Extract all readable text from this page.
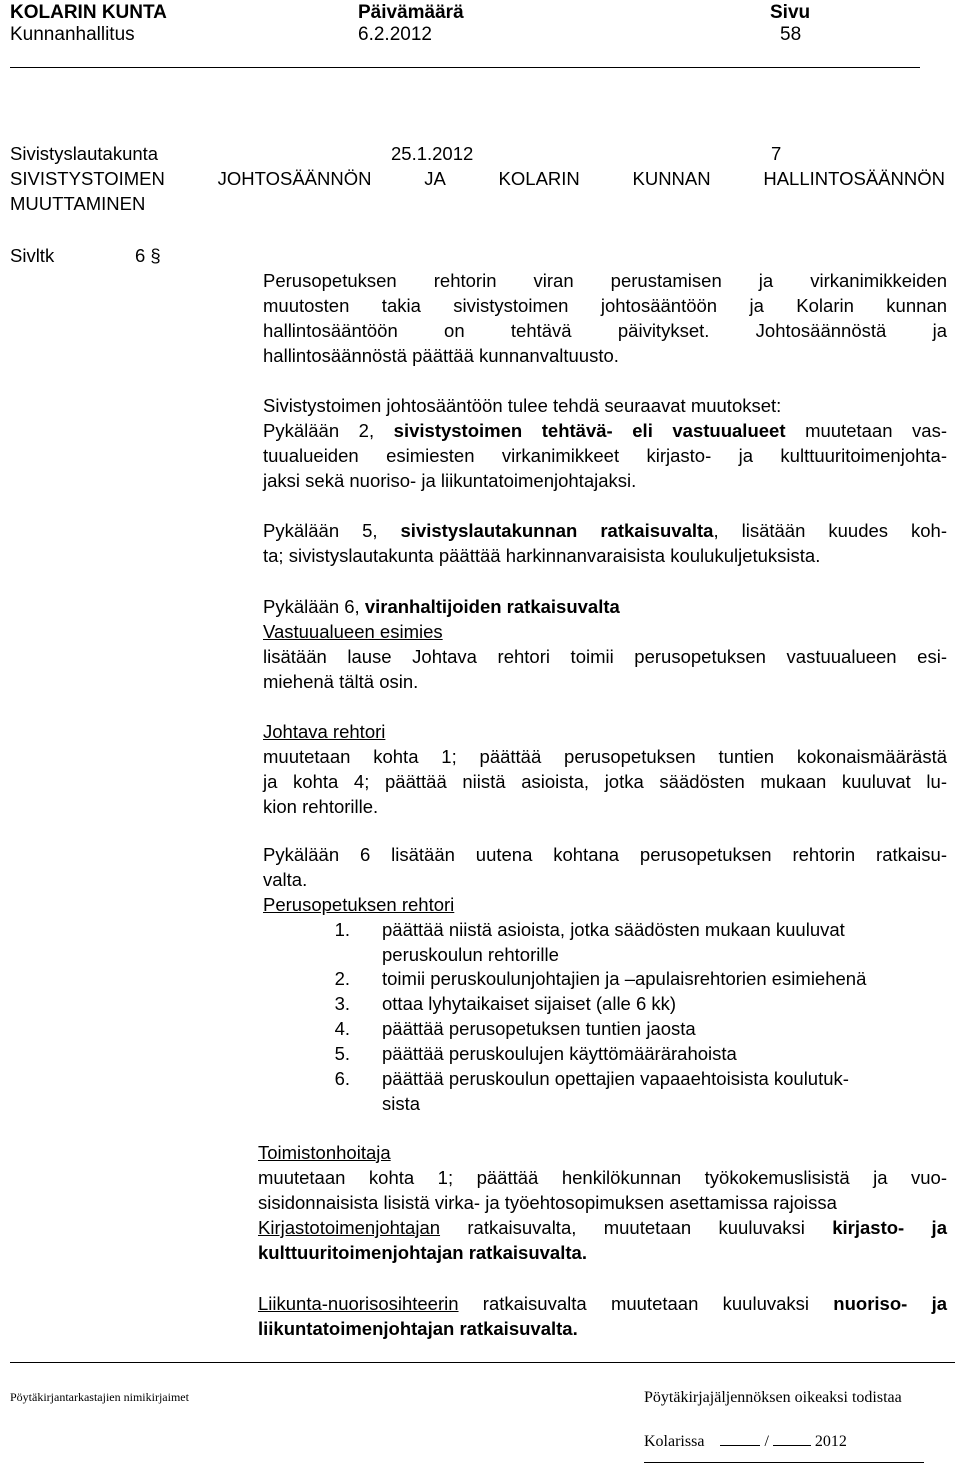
KOLARIN KUNTA	Päivämäärä	Sivu
Kunnanhallitus	6.2.2012	58
Sivistyslautakunta	25.1.2012	7
SIVISTYSTOIMEN	JOHTOSÄÄNNÖN	JA	KOLARIN	KUNNAN	HALLINTOSÄÄNNÖN
MUUTTAMINEN
Sivltk	6 §
Perusopetuksen rehtorin viran perustamisen ja virkanimikkeiden
muutosten takia sivistystoimen johtosääntöön ja Kolarin kunnan
hallintosääntöön on tehtävä päivitykset. Johtosäännöstä ja
hallintosäännöstä päättää kunnanvaltuusto.
Sivistystoimen johtosääntöön tulee tehdä seuraavat muutokset:
Pykälään 2, sivistystoimen tehtävä- eli vastuualueet muutetaan vas-
tuualueiden esimiesten virkanimikkeet kirjasto- ja kulttuuritoimenjohta-
jaksi sekä nuoriso- ja liikuntatoimenjohtajaksi.
Pykälään 5, sivistyslautakunnan ratkaisuvalta, lisätään kuudes koh-
ta; sivistyslautakunta päättää harkinnanvaraisista koulukuljetuksista.
Pykälään 6, viranhaltijoiden ratkaisuvalta
Vastuualueen esimies
lisätään lause Johtava rehtori toimii perusopetuksen vastuualueen esi-
miehenä tältä osin.
Johtava rehtori
muutetaan kohta 1; päättää perusopetuksen tuntien kokonaismäärästä
ja kohta 4; päättää niistä asioista, jotka säädösten mukaan kuuluvat lu-
kion rehtorille.
Pykälään 6 lisätään uutena kohtana perusopetuksen rehtorin ratkaisu-
valta.
Perusopetuksen rehtori
1. päättää niistä asioista, jotka säädösten mukaan kuuluvat
peruskoulun rehtorille
2. toimii peruskoulunjohtajien ja –apulaisrehtorien esimiehenä
3. ottaa lyhytaikaiset sijaiset (alle 6 kk)
4. päättää perusopetuksen tuntien jaosta
5. päättää peruskoulujen käyttömäärärahoista
6. päättää peruskoulun opettajien vapaaehtoisista koulutuk-
sista
Toimistonhoitaja
muutetaan kohta 1; päättää henkilökunnan työkokemuslisistä ja vuo-
sisidonnaisista lisistä virka- ja työehtosopimuksen asettamissa rajoissa
Kirjastotoimenjohtajan ratkaisuvalta, muutetaan kuuluvaksi kirjasto- ja
kulttuuritoimenjohtajan ratkaisuvalta.
Liikunta-nuorisosihteerin ratkaisuvalta muutetaan kuuluvaksi nuoriso- ja
liikuntatoimenjohtajan ratkaisuvalta.
Pöytäkirjantarkastajien nimikirjaimet	Pöytäkirjajäljennöksen oikeaksi todistaa
Kolarissa	/	2012
